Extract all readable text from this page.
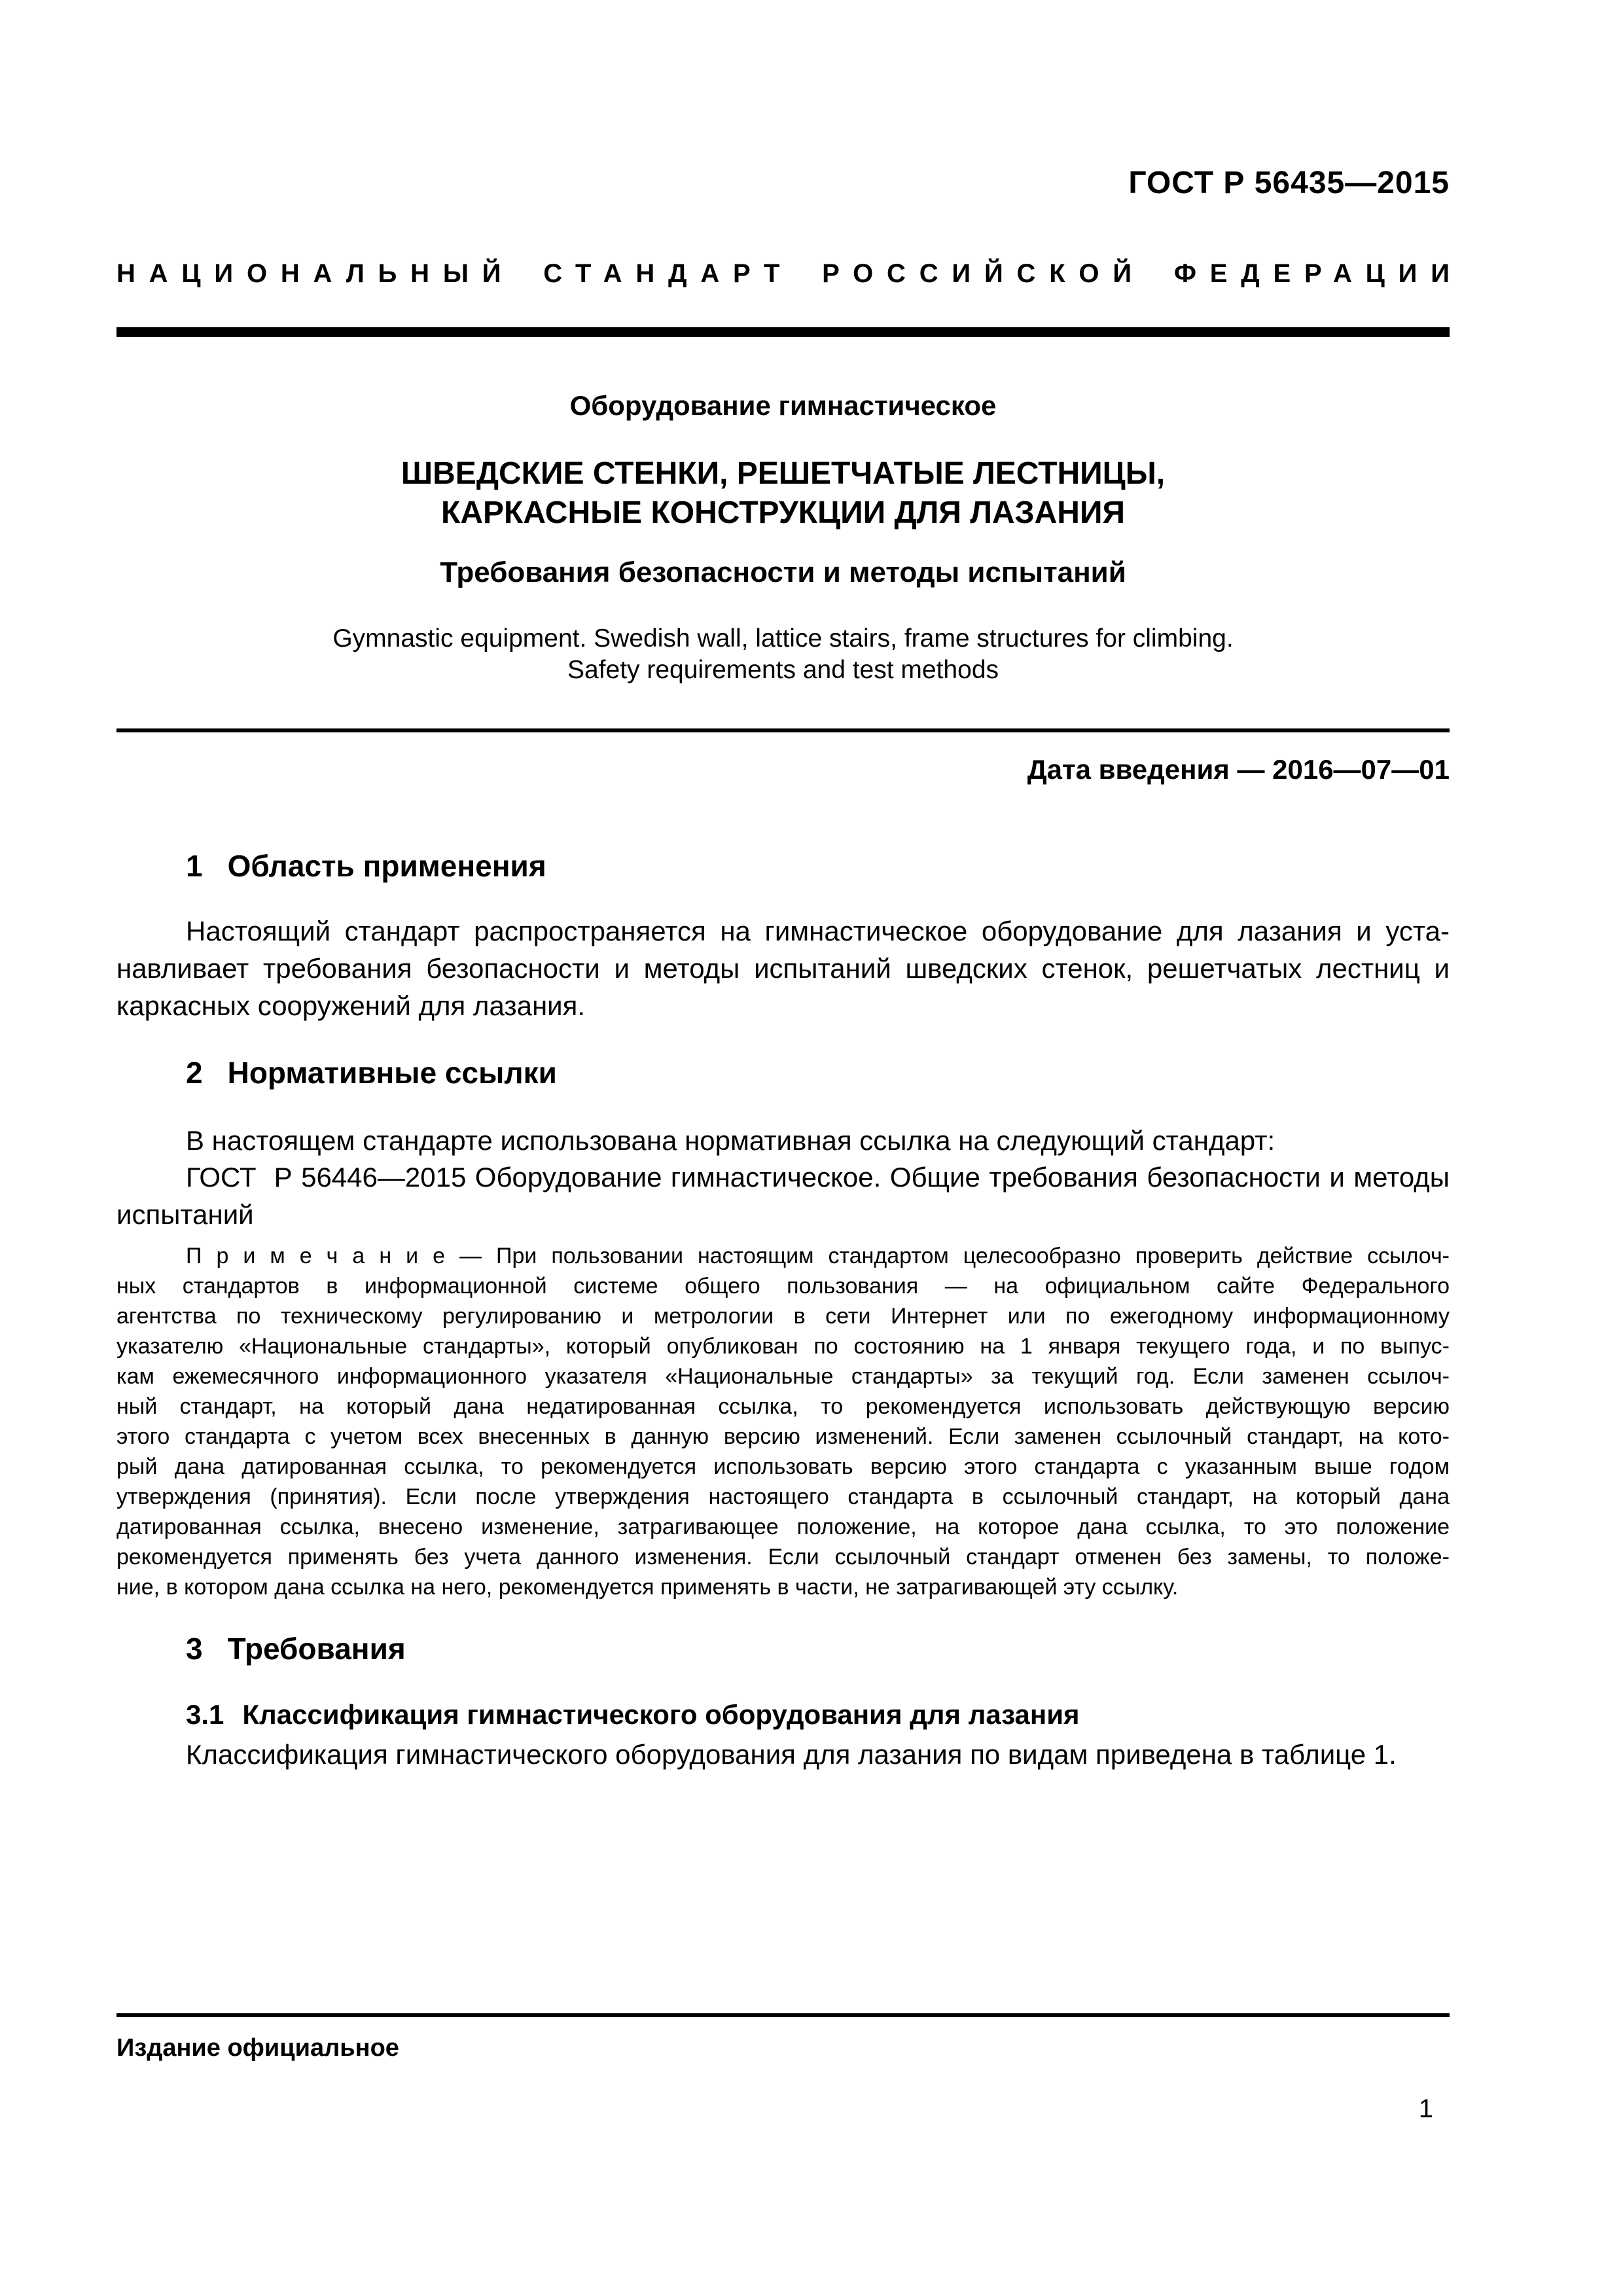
ГОСТ Р 56435—2015
НАЦИОНАЛЬНЫЙ СТАНДАРТ РОССИЙСКОЙ ФЕДЕРАЦИИ
Оборудование гимнастическое
ШВЕДСКИЕ СТЕНКИ, РЕШЕТЧАТЫЕ ЛЕСТНИЦЫ,
КАРКАСНЫЕ КОНСТРУКЦИИ ДЛЯ ЛАЗАНИЯ
Требования безопасности и методы испытаний
Gymnastic equipment. Swedish wall, lattice stairs, frame structures for climbing.
Safety requirements and test methods
Дата введения — 2016—07—01
1 Область применения
Настоящий стандарт распространяется на гимнастическое оборудование для лазания и уста-
навливает требования безопасности и методы испытаний шведских стенок, решетчатых лестниц и
каркасных сооружений для лазания.
2 Нормативные ссылки
В настоящем стандарте использована нормативная ссылка на следующий стандарт:
ГОСТ  Р 56446—2015 Оборудование гимнастическое. Общие требования безопасности и методы
испытаний
П р и м е ч а н и е — При пользовании настоящим стандартом целесообразно проверить действие ссылоч-
ных стандартов в информационной системе общего пользования — на официальном сайте Федерального
агентства по техническому регулированию и метрологии в сети Интернет или по ежегодному информационному
указателю «Национальные стандарты», который опубликован по состоянию на 1 января текущего года, и по выпус-
кам ежемесячного информационного указателя «Национальные стандарты» за текущий год. Если заменен ссылоч-
ный стандарт, на который дана недатированная ссылка, то рекомендуется использовать действующую версию
этого стандарта с учетом всех внесенных в данную версию изменений. Если заменен ссылочный стандарт, на кото-
рый дана датированная ссылка, то рекомендуется использовать версию этого стандарта с указанным выше годом
утверждения (принятия). Если после утверждения настоящего стандарта в ссылочный стандарт, на который дана
датированная ссылка, внесено изменение, затрагивающее положение, на которое дана ссылка, то это положение
рекомендуется применять без учета данного изменения. Если ссылочный стандарт отменен без замены, то положе-
ние, в котором дана ссылка на него, рекомендуется применять в части, не затрагивающей эту ссылку.
3 Требования
3.1 Классификация гимнастического оборудования для лазания
Классификация гимнастического оборудования для лазания по видам приведена в таблице 1.
Издание официальное
1
